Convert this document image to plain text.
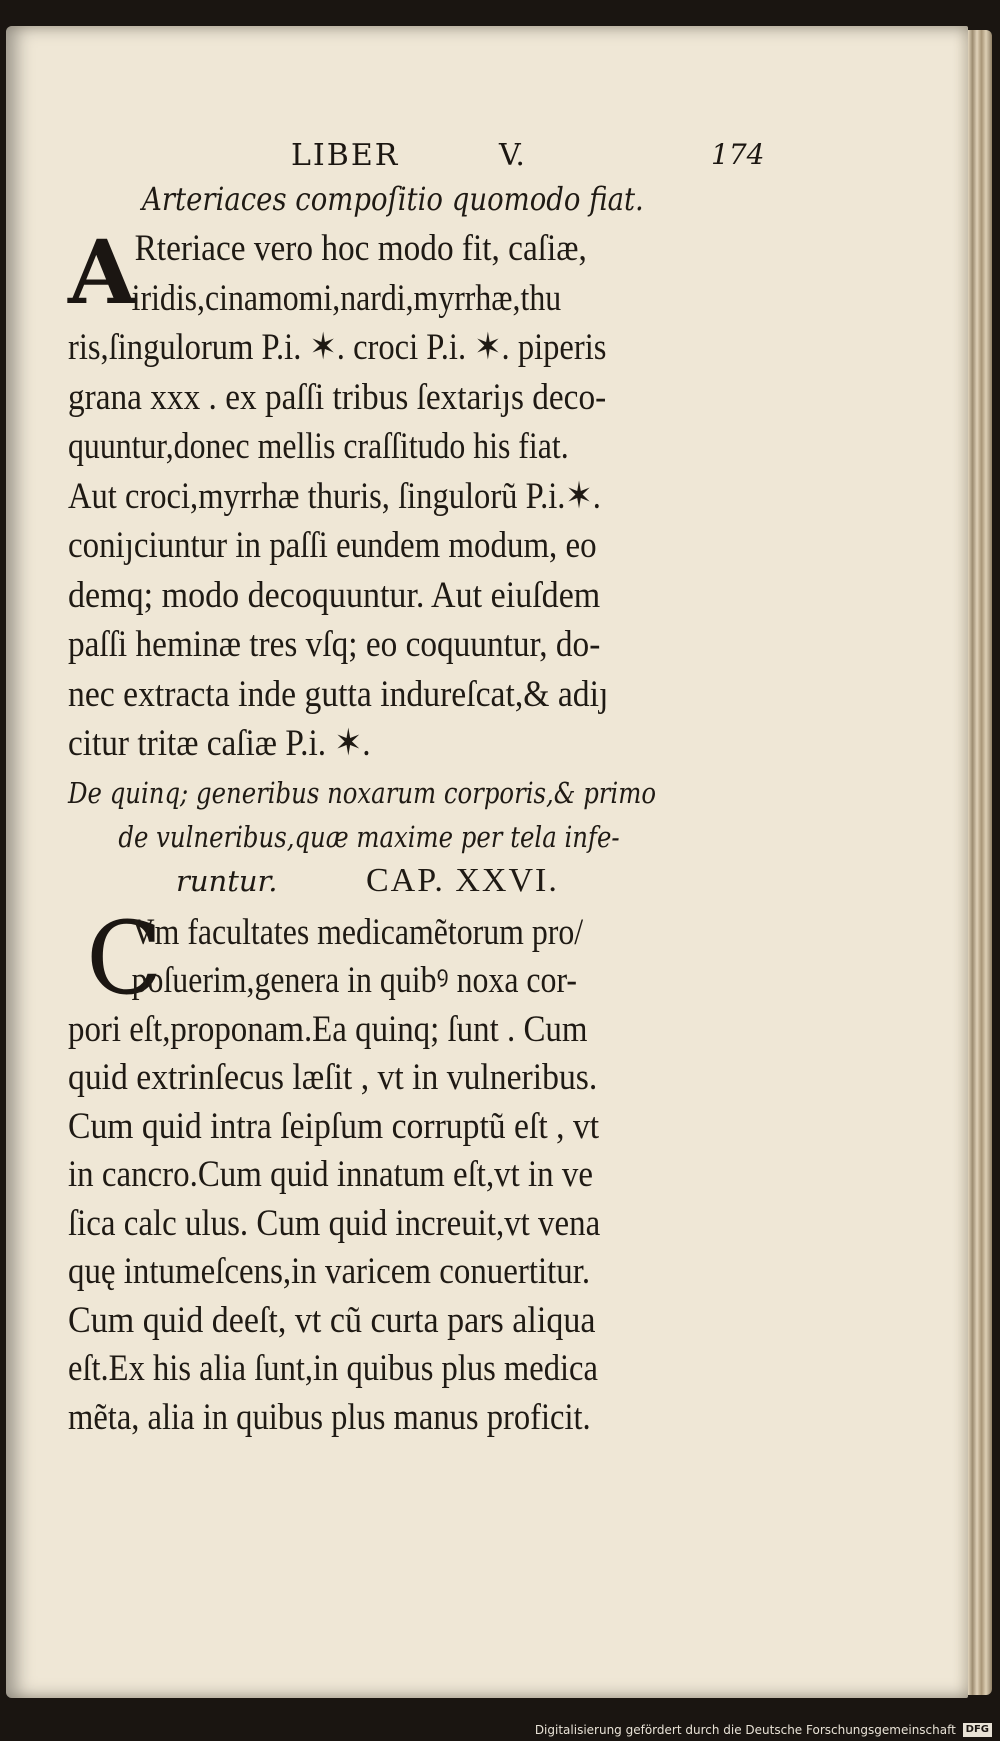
LIBER	V.	174
Arteriaces compoſitio quomodo fiat.
A
Rteriace vero hoc modo fit, caſiæ,
iridis,cinamomi,nardi,myrrhæ,thu
ris,ſingulorum P.i. ✶. croci P.i. ✶. piperis
grana xxx . ex paſſi tribus ſextariȷs deco-
quuntur,donec mellis craſſitudo his fiat.
Aut croci,myrrhæ thuris, ſingulorũ P.i.✶.
coniȷciuntur in paſſi eundem modum, eo
demq; modo decoquuntur. Aut eiuſdem
paſſi heminæ tres vſq; eo coquuntur, do-
nec extracta inde gutta indureſcat,& adiȷ
citur tritæ caſiæ P.i. ✶.
De quinq; generibus noxarum corporis,& primo
de vulneribus,quæ maxime per tela infe-
runtur.	CAP. XXVI.
C
Vm facultates medicamẽtorum pro/
poſuerim,genera in quibꝰ noxa cor-
pori eſt,proponam.Ea quinq; ſunt . Cum
quid extrinſecus læſit , vt in vulneribus.
Cum quid intra ſeipſum corruptũ eſt , vt
in cancro.Cum quid innatum eſt,vt in ve
ſica calc ulus. Cum quid increuit,vt vena
quę intumeſcens,in varicem conuertitur.
Cum quid deeſt, vt cũ curta pars aliqua
eſt.Ex his alia ſunt,in quibus plus medica
mẽta, alia in quibus plus manus proficit.
Digitalisierung gefördert durch die Deutsche Forschungsgemeinschaft DFG
